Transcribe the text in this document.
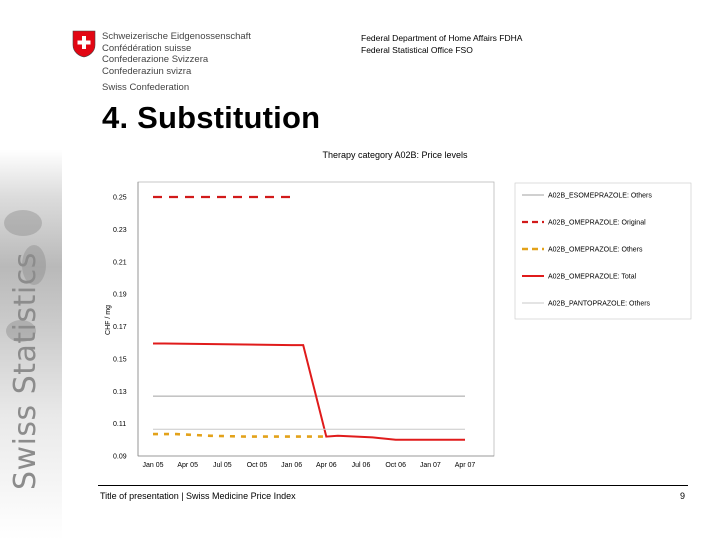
Swiss Statistics
Schweizerische Eidgenossenschaft
Confédération suisse
Confederazione Svizzera
Confederaziun svizra
Swiss Confederation
Federal Department of Home Affairs FDHA
Federal Statistical Office FSO
4. Substitution
Therapy category A02B: Price levels
CHF / mg
0.25
0.23
0.21
0.19
0.17
0.15
0.13
0.11
0.09
Jan 05 Apr 05 Jul 05 Oct 05 Jan 06 Apr 06 Jul 06 Oct 06 Jan 07 Apr 07
A02B_ESOMEPRAZOLE: Others
A02B_OMEPRAZOLE: Original
A02B_OMEPRAZOLE: Others
A02B_OMEPRAZOLE: Total
A02B_PANTOPRAZOLE: Others
Title of presentation | Swiss Medicine Price Index	9
